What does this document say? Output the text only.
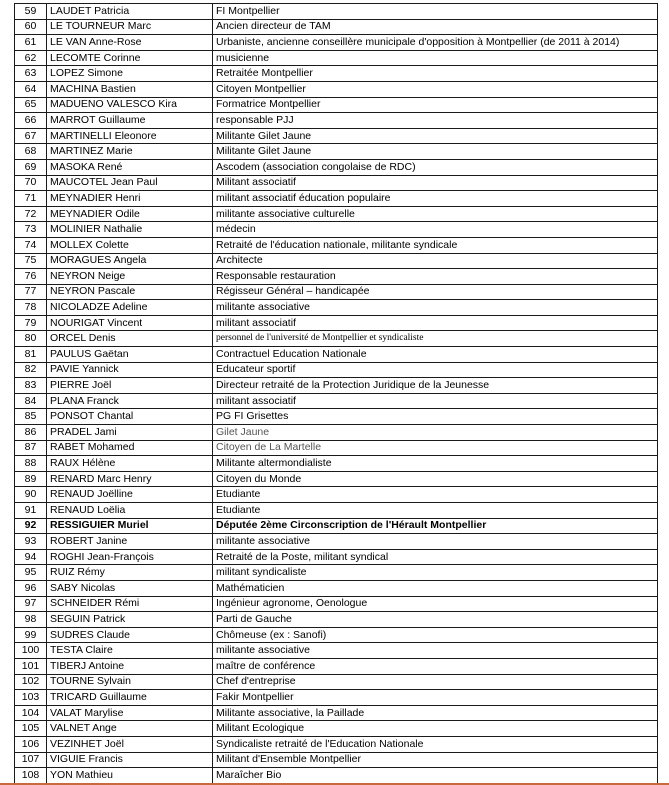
59	LAUDET Patricia	FI Montpellier
60	LE TOURNEUR Marc	Ancien directeur de TAM
61	LE VAN Anne-Rose	Urbaniste, ancienne conseillère municipale d'opposition à Montpellier (de 2011 à 2014)
62	LECOMTE Corinne	musicienne
63	LOPEZ Simone	Retraitée Montpellier
64	MACHINA Bastien	Citoyen Montpellier
65	MADUENO VALESCO Kira	Formatrice Montpellier
66	MARROT Guillaume	responsable PJJ
67	MARTINELLI Eleonore	Militante Gilet Jaune
68	MARTINEZ Marie	Militante Gilet Jaune
69	MASOKA René	Ascodem (association congolaise de RDC)
70	MAUCOTEL Jean Paul	Militant associatif
71	MEYNADIER Henri	militant associatif éducation populaire
72	MEYNADIER Odile	militante associative culturelle
73	MOLINIER Nathalie	médecin
74	MOLLEX Colette	Retraité de l'éducation nationale, militante syndicale
75	MORAGUES Angela	Architecte
76	NEYRON Neige	Responsable restauration
77	NEYRON Pascale	Régisseur Général – handicapée
78	NICOLADZE Adeline	militante associative
79	NOURIGAT Vincent	militant associatif
80	ORCEL Denis	personnel de l'université de Montpellier et syndicaliste
81	PAULUS Gaëtan	Contractuel Education Nationale
82	PAVIE Yannick	Educateur sportif
83	PIERRE Joël	Directeur retraité de la Protection Juridique de la Jeunesse
84	PLANA Franck	militant associatif
85	PONSOT Chantal	PG FI Grisettes
86	PRADEL Jami	Gilet Jaune
87	RABET Mohamed	Citoyen de La Martelle
88	RAUX Hélène	Militante altermondialiste
89	RENARD Marc Henry	Citoyen du Monde
90	RENAUD Joëlline	Etudiante
91	RENAUD Loëlia	Etudiante
92	RESSIGUIER Muriel	Députée 2ème Circonscription de l'Hérault Montpellier
93	ROBERT Janine	militante associative
94	ROGHI Jean-François	Retraité de la Poste, militant syndical
95	RUIZ Rémy	militant syndicaliste
96	SABY Nicolas	Mathématicien
97	SCHNEIDER Rémi	Ingénieur agronome, Oenologue
98	SEGUIN Patrick	Parti de Gauche
99	SUDRES Claude	Chômeuse (ex : Sanofi)
100	TESTA Claire	militante associative
101	TIBERJ Antoine	maître de conférence
102	TOURNE Sylvain	Chef d'entreprise
103	TRICARD Guillaume	Fakir Montpellier
104	VALAT Marylise	Militante associative, la Paillade
105	VALNET Ange	Militant Ecologique
106	VEZINHET Joël	Syndicaliste retraité de l'Education Nationale
107	VIGUIE Francis	Militant d'Ensemble Montpellier
108	YON Mathieu	Maraîcher Bio
